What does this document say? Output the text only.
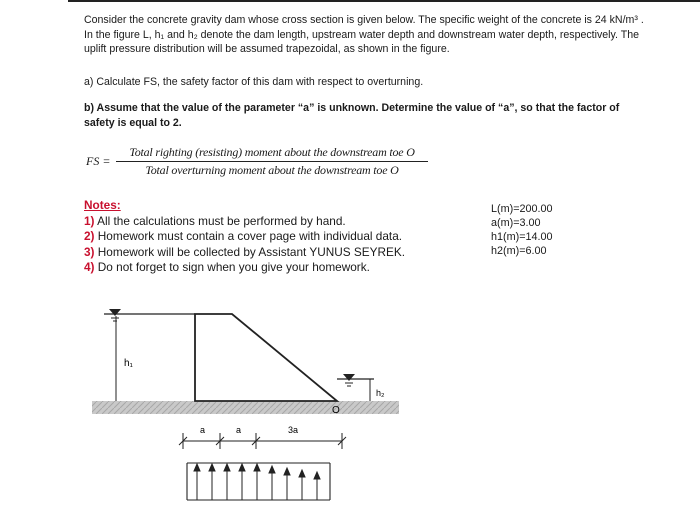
Consider the concrete gravity dam whose cross section is given below. The specific weight of the concrete is 24 kN/m³ . In the figure L, h₁ and h₂ denote the dam length, upstream water depth and downstream water depth, respectively. The uplift pressure distribution will be assumed trapezoidal, as shown in the figure.

a) Calculate FS, the safety factor of this dam with respect to overturning.

b) Assume that the value of the parameter “a” is unknown. Determine the value of “a”, so that the factor of safety is equal to 2.

FS =
Total righting (resisting) moment about the downstream toe O
Total overturning moment about the downstream toe O
Notes:
1) All the calculations must be performed by hand.
2) Homework must contain a cover page with individual data.
3) Homework will be collected by Assistant YUNUS SEYREK.
4) Do not forget to sign when you give your homework.
L(m)=200.00
a(m)=3.00
h1(m)=14.00
h2(m)=6.00
h₁
h₂
O
a	a	3a
